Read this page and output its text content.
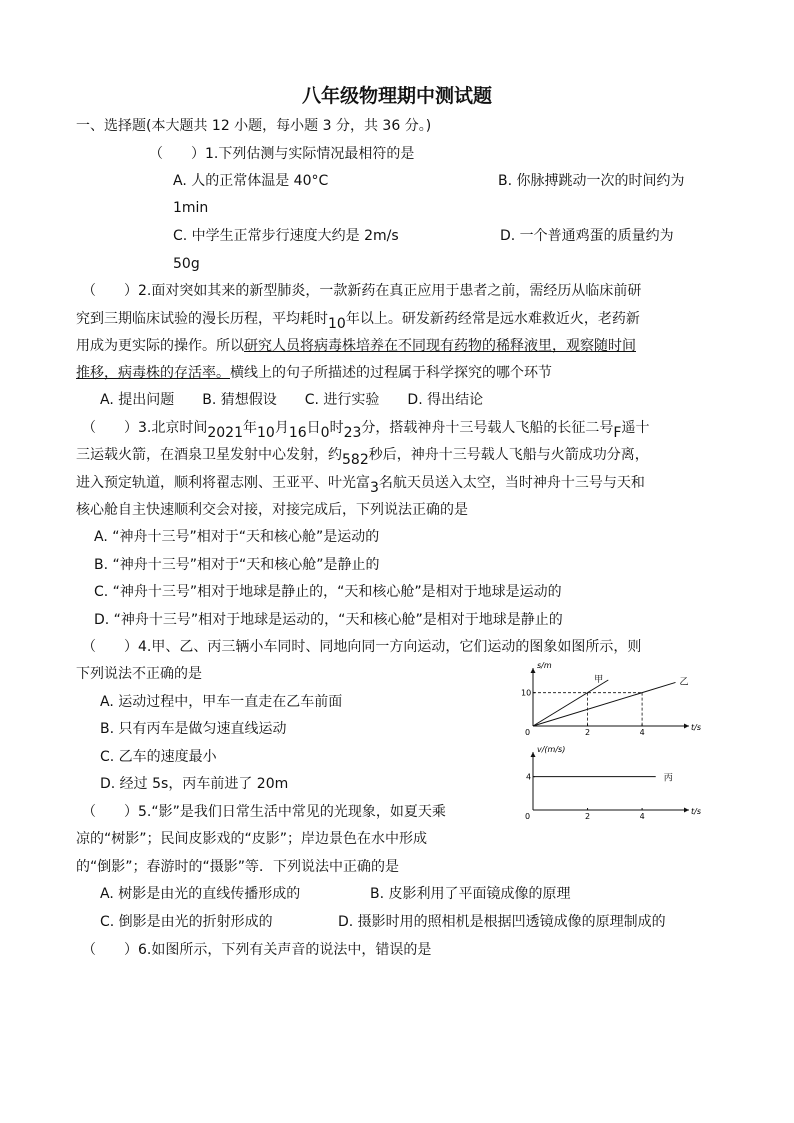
八年级物理期中测试题
一、选择题(本大题共 12 小题，每小题 3 分，共 36 分。)
（　　）1.下列估测与实际情况最相符的是
A. 人的正常体温是 40°C	B. 你脉搏跳动一次的时间约为
1min
C. 中学生正常步行速度大约是 2m/s	D. 一个普通鸡蛋的质量约为
50g
（　　）2.面对突如其来的新型肺炎，一款新药在真正应用于患者之前，需经历从临床前研
究到三期临床试验的漫长历程，平均耗时10年以上。研发新药经常是远水难救近火，老药新
用成为更实际的操作。所以研究人员将病毒株培养在不同现有药物的稀释液里，观察随时间
推移，病毒株的存活率。横线上的句子所描述的过程属于科学探究的哪个环节
A. 提出问题　　B. 猜想假设　　C. 进行实验　　D. 得出结论
（　　）3.北京时间2021年10月16日0时23分，搭载神舟十三号载人飞船的长征二号F遥十
三运载火箭，在酒泉卫星发射中心发射，约582秒后，神舟十三号载人飞船与火箭成功分离，
进入预定轨道，顺利将翟志刚、王亚平、叶光富3名航天员送入太空，当时神舟十三号与天和
核心舱自主快速顺利交会对接，对接完成后，下列说法正确的是
A. “神舟十三号”相对于“天和核心舱”是运动的
B. “神舟十三号”相对于“天和核心舱”是静止的
C. “神舟十三号”相对于地球是静止的，“天和核心舱”是相对于地球是运动的
D. “神舟十三号”相对于地球是运动的，“天和核心舱”是相对于地球是静止的
（　　）4.甲、乙、丙三辆小车同时、同地向同一方向运动，它们运动的图象如图所示，则
下列说法不正确的是
A. 运动过程中，甲车一直走在乙车前面
B. 只有丙车是做匀速直线运动
C. 乙车的速度最小
D. 经过 5s，丙车前进了 20m
（　　）5.“影”是我们日常生活中常见的光现象，如夏天乘
凉的“树影”；民间皮影戏的“皮影”；岸边景色在水中形成
的“倒影”；春游时的“摄影”等．下列说法中正确的是
A. 树影是由光的直线传播形成的	B. 皮影利用了平面镜成像的原理
C. 倒影是由光的折射形成的	D. 摄影时用的照相机是根据凹透镜成像的原理制成的
（　　）6.如图所示，下列有关声音的说法中，错误的是
t/s
s/m
0	2	4
10
甲	乙
t/s
v/(m/s)
0	2	4
4	丙
